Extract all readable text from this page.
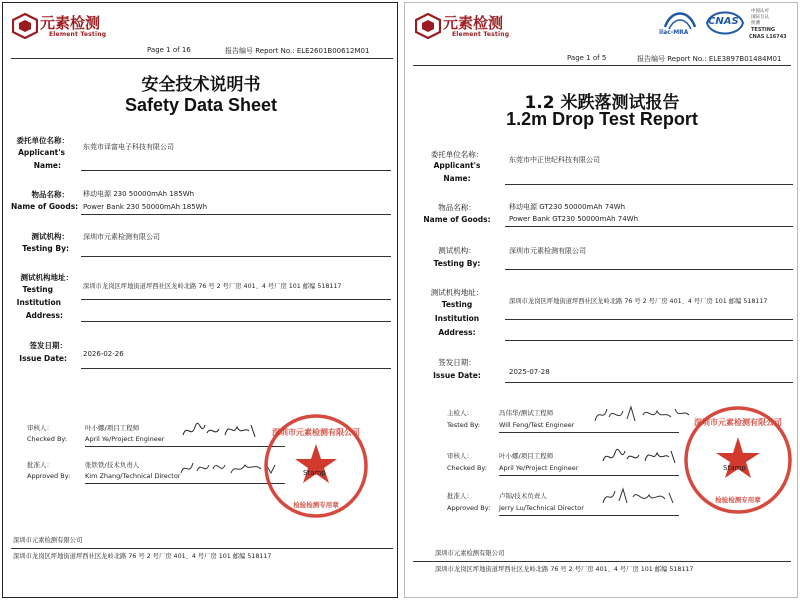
元素检测
Element Testing
Page 1 of 16	报告编号 Report No.: ELE2601B00612M01
安全技术说明书
Safety Data Sheet
委托单位名称：
Applicant's
Name:
东莞市译富电子科技有限公司
物品名称：
Name of Goods:
移动电源 230 50000mAh 185Wh
Power Bank 230 50000mAh 185Wh
测试机构：
Testing By:
深圳市元素检测有限公司
测试机构地址：
Testing
Institution
Address:
深圳市龙岗区坪地街道坪西社区龙岭北路 76 号 2 号厂房 401、4 号厂房 101 邮编 518117
签发日期：
Issue Date: 2026-02-26
审核人：
Checked By:
叶小娜/项目工程师
April Ye/Project Engineer
批准人：
Approved By:
张铁铁/技术负责人
Kim Zhang/Technical Director
深圳市元素检测有限公司
检验检测专用章
Stamp
深圳市元素检测有限公司
深圳市龙岗区坪地街道坪西社区龙岭北路 76 号 2 号厂房 401、4 号厂房 101 邮编 518117
元素检测
Element Testing	ilac-MRA
CNAS
中国认可
国际互认
检测
TESTING
CNAS L16743
Page 1 of 5	报告编号 Report No.: ELE3897B01484M01
1.2 米跌落测试报告
1.2m Drop Test Report
委托单位名称：
Applicant's
Name:
东莞市中正世纪科技有限公司
物品名称：
Name of Goods:
移动电源 GT230 50000mAh 74Wh
Power Bank GT230 50000mAh 74Wh
测试机构：
Testing By:
深圳市元素检测有限公司
测试机构地址：
Testing
Institution
Address:
深圳市龙岗区坪地街道坪西社区龙岭北路 76 号 2 号厂房 401、4 号厂房 101 邮编 518117
签发日期：
Issue Date:	2025-07-28
主检人：
Tested By:
冯伟华/测试工程师
Will Feng/Test Engineer
审核人：
Checked By:
叶小娜/项目工程师
April Ye/Project Engineer
批准人：
Approved By:
卢锦/技术负责人
Jerry Lu/Technical Director
深圳市元素检测有限公司
检验检测专用章
Stamp
深圳市元素检测有限公司
深圳市龙岗区坪地街道坪西社区龙岭北路 76 号 2 号厂房 401、4 号厂房 101 邮编 518117
